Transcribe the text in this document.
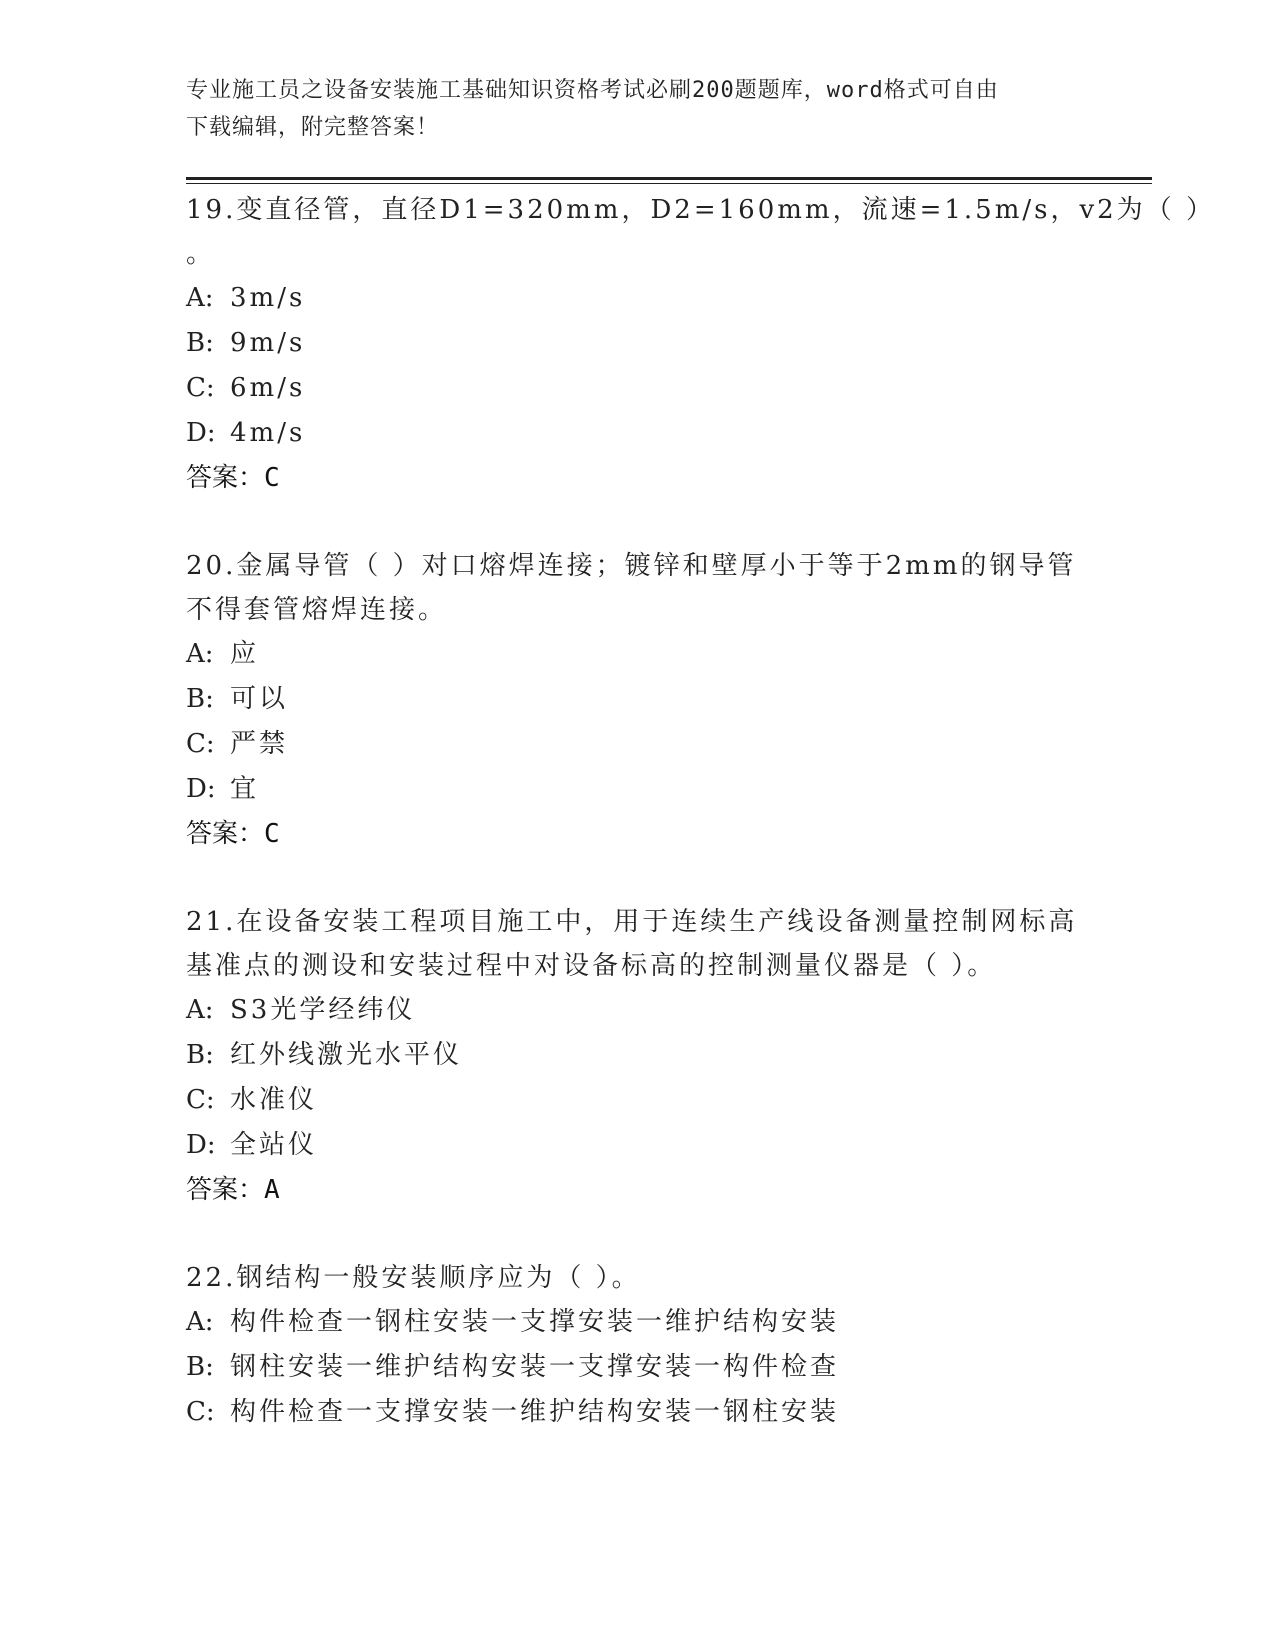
专业施工员之设备安装施工基础知识资格考试必刷200题题库，word格式可自由
下载编辑，附完整答案！
19.变直径管，直径D1=320mm，D2=160mm，流速=1.5m/s，v2为（ ）
。
A: 3m/s
B: 9m/s
C: 6m/s
D: 4m/s
答案：C
20.金属导管（ ）对口熔焊连接；镀锌和壁厚小于等于2mm的钢导管
不得套管熔焊连接。
A: 应
B: 可以
C: 严禁
D: 宜
答案：C
21.在设备安装工程项目施工中，用于连续生产线设备测量控制网标高
基准点的测设和安装过程中对设备标高的控制测量仪器是（ ）。
A: S3光学经纬仪
B: 红外线激光水平仪
C: 水准仪
D: 全站仪
答案：A
22.钢结构一般安装顺序应为（ ）。
A: 构件检查一钢柱安装一支撑安装一维护结构安装
B: 钢柱安装一维护结构安装一支撑安装一构件检查
C: 构件检查一支撑安装一维护结构安装一钢柱安装
